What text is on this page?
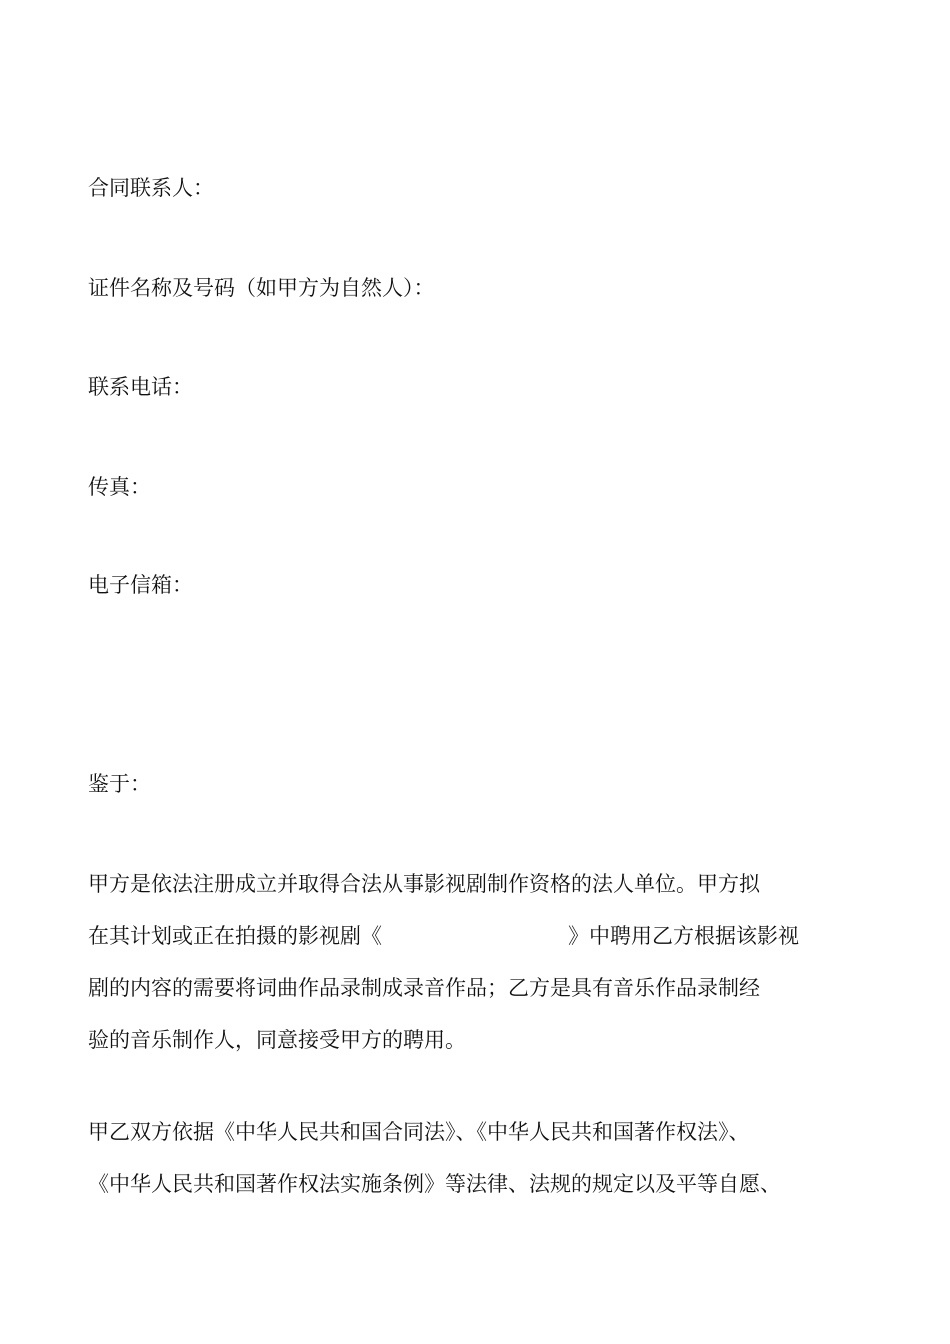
合同联系人：

证件名称及号码（如甲方为自然人）：

联系电话：

传真：

电子信箱：

鉴于：

甲方是依法注册成立并取得合法从事影视剧制作资格的法人单位。甲方拟
在其计划或正在拍摄的影视剧《	》中聘用乙方根据该影视
剧的内容的需要将词曲作品录制成录音作品；乙方是具有音乐作品录制经
验的音乐制作人，同意接受甲方的聘用。
甲乙双方依据《中华人民共和国合同法》、《中华人民共和国著作权法》、
《中华人民共和国著作权法实施条例》等法律、法规的规定以及平等自愿、
